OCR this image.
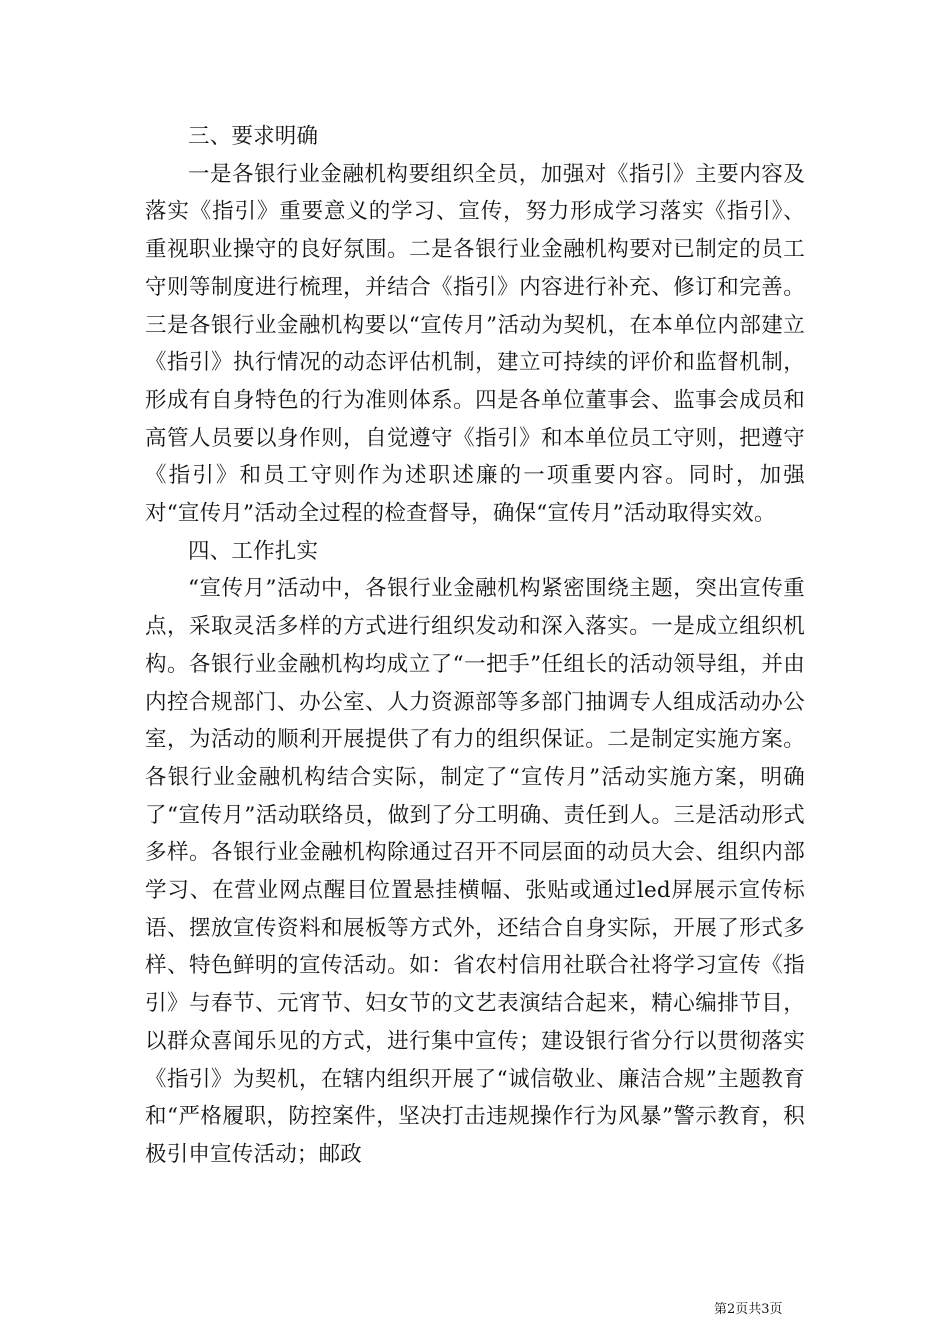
三、要求明确

一是各银行业金融机构要组织全员，加强对《指引》主要内容及落实《指引》重要意义的学习、宣传，努力形成学习落实《指引》、重视职业操守的良好氛围。二是各银行业金融机构要对已制定的员工守则等制度进行梳理，并结合《指引》内容进行补充、修订和完善。三是各银行业金融机构要以“宣传月”活动为契机，在本单位内部建立《指引》执行情况的动态评估机制，建立可持续的评价和监督机制，形成有自身特色的行为准则体系。四是各单位董事会、监事会成员和高管人员要以身作则，自觉遵守《指引》和本单位员工守则，把遵守《指引》和员工守则作为述职述廉的一项重要内容。同时，加强对“宣传月”活动全过程的检查督导，确保“宣传月”活动取得实效。

四、工作扎实

“宣传月”活动中，各银行业金融机构紧密围绕主题，突出宣传重点，采取灵活多样的方式进行组织发动和深入落实。一是成立组织机构。各银行业金融机构均成立了“一把手”任组长的活动领导组，并由内控合规部门、办公室、人力资源部等多部门抽调专人组成活动办公室，为活动的顺利开展提供了有力的组织保证。二是制定实施方案。各银行业金融机构结合实际，制定了“宣传月”活动实施方案，明确了“宣传月”活动联络员，做到了分工明确、责任到人。三是活动形式多样。各银行业金融机构除通过召开不同层面的动员大会、组织内部学习、在营业网点醒目位置悬挂横幅、张贴或通过led屏展示宣传标语、摆放宣传资料和展板等方式外，还结合自身实际，开展了形式多样、特色鲜明的宣传活动。如：省农村信用社联合社将学习宣传《指引》与春节、元宵节、妇女节的文艺表演结合起来，精心编排节目，以群众喜闻乐见的方式，进行集中宣传；建设银行省分行以贯彻落实《指引》为契机，在辖内组织开展了“诚信敬业、廉洁合规”主题教育和“严格履职，防控案件，坚决打击违规操作行为风暴”警示教育，积极引申宣传活动；邮政

第2页共3页
